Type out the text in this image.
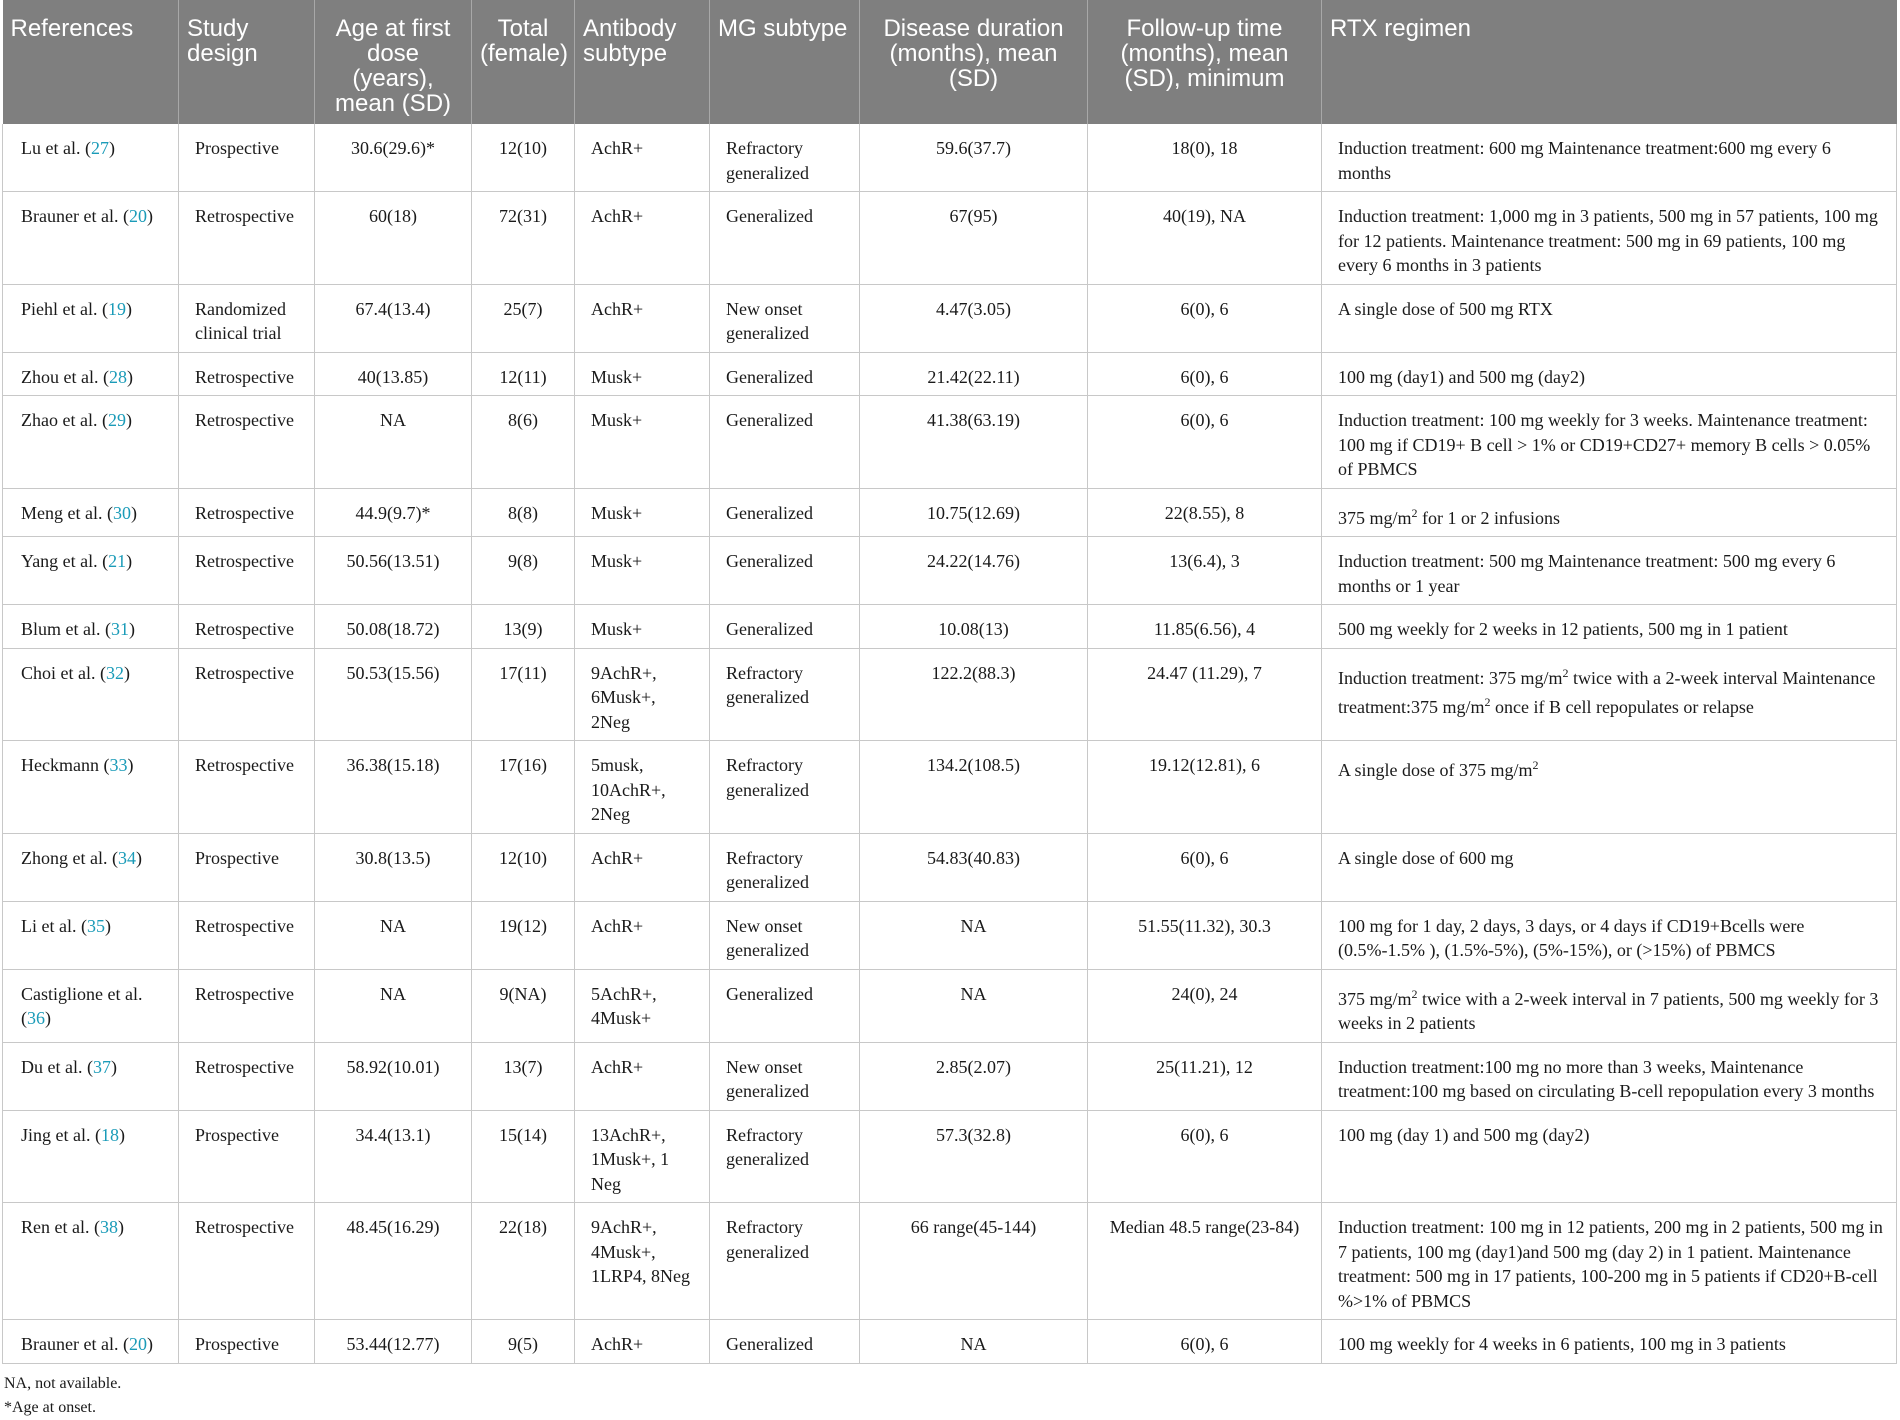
References	Study design	Age at first dose (years), mean (SD)	Total (female)	Antibody subtype	MG subtype	Disease duration (months), mean (SD)	Follow-up time (months), mean (SD), minimum	RTX regimen
Lu et al. (27)	Prospective	30.6(29.6)*	12(10)	AchR+	Refractory generalized	59.6(37.7)	18(0), 18	Induction treatment: 600 mg Maintenance treatment:600 mg every 6 months
Brauner et al. (20)	Retrospective	60(18)	72(31)	AchR+	Generalized	67(95)	40(19), NA	Induction treatment: 1,000 mg in 3 patients, 500 mg in 57 patients, 100 mg for 12 patients. Maintenance treatment: 500 mg in 69 patients, 100 mg every 6 months in 3 patients
Piehl et al. (19)	Randomized clinical trial	67.4(13.4)	25(7)	AchR+	New onset generalized	4.47(3.05)	6(0), 6	A single dose of 500 mg RTX
Zhou et al. (28)	Retrospective	40(13.85)	12(11)	Musk+	Generalized	21.42(22.11)	6(0), 6	100 mg (day1) and 500 mg (day2)
Zhao et al. (29)	Retrospective	NA	8(6)	Musk+	Generalized	41.38(63.19)	6(0), 6	Induction treatment: 100 mg weekly for 3 weeks. Maintenance treatment: 100 mg if CD19+ B cell > 1% or CD19+CD27+ memory B cells > 0.05% of PBMCS
Meng et al. (30)	Retrospective	44.9(9.7)*	8(8)	Musk+	Generalized	10.75(12.69)	22(8.55), 8	375 $mg/m^2$ for 1 or 2 infusions
Yang et al. (21)	Retrospective	50.56(13.51)	9(8)	Musk+	Generalized	24.22(14.76)	13(6.4), 3	Induction treatment: 500 mg Maintenance treatment: 500 mg every 6 months or 1 year
Blum et al. (31)	Retrospective	50.08(18.72)	13(9)	Musk+	Generalized	10.08(13)	11.85(6.56), 4	500 mg weekly for 2 weeks in 12 patients, 500 mg in 1 patient
Choi et al. (32)	Retrospective	50.53(15.56)	17(11)	9AchR+, 6Musk+, 2Neg	Refractory generalized	122.2(88.3)	24.47 (11.29), 7	Induction treatment: 375 $mg/m^2$ twice with a 2-week interval Maintenance treatment:375 $mg/m^2$ once if B cell repopulates or relapse
Heckmann (33)	Retrospective	36.38(15.18)	17(16)	5musk, 10AchR+, 2Neg	Refractory generalized	134.2(108.5)	19.12(12.81), 6	A single dose of 375 $mg/m^2$
Zhong et al. (34)	Prospective	30.8(13.5)	12(10)	AchR+	Refractory generalized	54.83(40.83)	6(0), 6	A single dose of 600 mg
Li et al. (35)	Retrospective	NA	19(12)	AchR+	New onset generalized	NA	51.55(11.32), 30.3	100 mg for 1 day, 2 days, 3 days, or 4 days if CD19+Bcells were (0.5%-1.5% ), (1.5%-5%), (5%-15%), or (>15%) of PBMCS
Castiglione et al. (36)	Retrospective	NA	9(NA)	5AchR+, 4Musk+	Generalized	NA	24(0), 24	375 $mg/m^2$ twice with a 2-week interval in 7 patients, 500 mg weekly for 3 weeks in 2 patients
Du et al. (37)	Retrospective	58.92(10.01)	13(7)	AchR+	New onset generalized	2.85(2.07)	25(11.21), 12	Induction treatment:100 mg no more than 3 weeks, Maintenance treatment:100 mg based on circulating B-cell repopulation every 3 months
Jing et al. (18)	Prospective	34.4(13.1)	15(14)	13AchR+, 1Musk+, 1 Neg	Refractory generalized	57.3(32.8)	6(0), 6	100 mg (day 1) and 500 mg (day2)
Ren et al. (38)	Retrospective	48.45(16.29)	22(18)	9AchR+, 4Musk+, 1LRP4, 8Neg	Refractory generalized	66 range(45-144)	Median 48.5 range(23-84)	Induction treatment: 100 mg in 12 patients, 200 mg in 2 patients, 500 mg in 7 patients, 100 mg (day1)and 500 mg (day 2) in 1 patient. Maintenance treatment: 500 mg in 17 patients, 100-200 mg in 5 patients if CD20+B-cell %>1% of PBMCS
Brauner et al. (20)	Prospective	53.44(12.77)	9(5)	AchR+	Generalized	NA	6(0), 6	100 mg weekly for 4 weeks in 6 patients, 100 mg in 3 patients
NA, not available.
*Age at onset.
